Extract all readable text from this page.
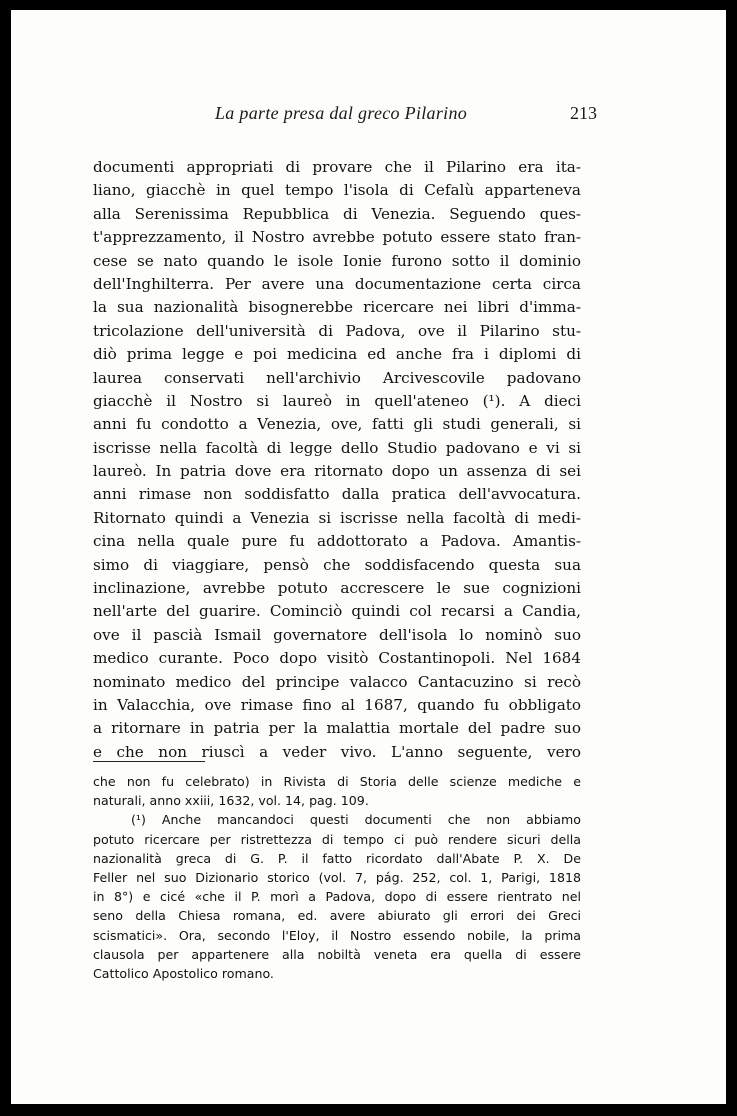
La parte presa dal greco Pilarino	213
documenti appropriati di provare che il Pilarino era ita-
liano, giacchè in quel tempo l'isola di Cefalù apparteneva
alla Serenissima Repubblica di Venezia. Seguendo ques-
t'apprezzamento, il Nostro avrebbe potuto essere stato fran-
cese se nato quando le isole Ionie furono sotto il dominio
dell'Inghilterra. Per avere una documentazione certa circa
la sua nazionalità bisognerebbe ricercare nei libri d'imma-
tricolazione dell'università di Padova, ove il Pilarino stu-
diò prima legge e poi medicina ed anche fra i diplomi di
laurea conservati nell'archivio Arcivescovile padovano
giacchè il Nostro si laureò in quell'ateneo (¹). A dieci
anni fu condotto a Venezia, ove, fatti gli studi generali, si
iscrisse nella facoltà di legge dello Studio padovano e vi si
laureò. In patria dove era ritornato dopo un assenza di sei
anni rimase non soddisfatto dalla pratica dell'avvocatura.
Ritornato quindi a Venezia si iscrisse nella facoltà di medi-
cina nella quale pure fu addottorato a Padova. Amantis-
simo di viaggiare, pensò che soddisfacendo questa sua
inclinazione, avrebbe potuto accrescere le sue cognizioni
nell'arte del guarire. Cominciò quindi col recarsi a Candia,
ove il pascià Ismail governatore dell'isola lo nominò suo
medico curante. Poco dopo visitò Costantinopoli. Nel 1684
nominato medico del principe valacco Cantacuzino si recò
in Valacchia, ove rimase fino al 1687, quando fu obbligato
a ritornare in patria per la malattia mortale del padre suo
e che non riuscì a veder vivo. L'anno seguente, vero
che non fu celebrato) in Rivista di Storia delle scienze mediche e
naturali, anno xxiii, 1632, vol. 14, pag. 109.
(¹) Anche mancandoci questi documenti che non abbiamo
potuto ricercare per ristrettezza di tempo ci può rendere sicuri della
nazionalità greca di G. P. il fatto ricordato dall'Abate P. X. De
Feller nel suo Dizionario storico (vol. 7, pág. 252, col. 1, Parigi, 1818
in 8°) e cicé «che il P. morì a Padova, dopo di essere rientrato nel
seno della Chiesa romana, ed. avere abiurato gli errori dei Greci
scismatici». Ora, secondo l'Eloy, il Nostro essendo nobile, la prima
clausola per appartenere alla nobiltà veneta era quella di essere
Cattolico Apostolico romano.
